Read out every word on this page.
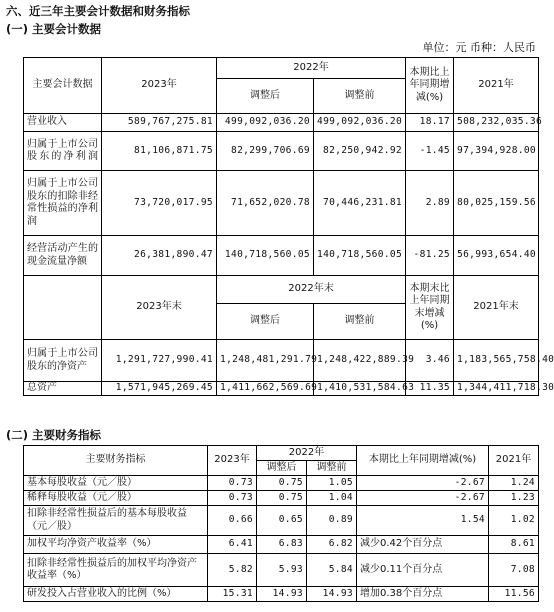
六、近三年主要会计数据和财务指标
(一) 主要会计数据
单位：元 币种：人民币
主要会计数据	2023年	2022年		本期比上年同期增减(%)	2021年
		调整后	调整前		
营业收入	589,767,275.81	499,092,036.20	499,092,036.20	18.17	508,232,035.36
归属于上市公司股东的净利润	81,106,871.75	82,299,706.69	82,250,942.92	-1.45	97,394,928.00
归属于上市公司股东的扣除非经常性损益的净利润	73,720,017.95	71,652,020.78	70,446,231.81	2.89	80,025,159.56
经营活动产生的现金流量净额	26,381,890.47	140,718,560.05	140,718,560.05	-81.25	56,993,654.40
	2023年末	2022年末		本期末比上年同期末增减(%)	2021年末
		调整后	调整前		
归属于上市公司股东的净资产	1,291,727,990.41	1,248,481,291.79	1,248,422,889.39	3.46	1,183,565,758.40
总资产	1,571,945,269.45	1,411,662,569.69	1,410,531,584.63	11.35	1,344,411,718.30
(二) 主要财务指标
主要财务指标	2023年	2022年		本期比上年同期增减(%)	2021年
		调整后	调整前		
基本每股收益（元／股）	0.73	0.75	1.05	-2.67	1.24
稀释每股收益（元／股）	0.73	0.75	1.04	-2.67	1.23
扣除非经常性损益后的基本每股收益（元／股）	0.66	0.65	0.89	1.54	1.02
加权平均净资产收益率（%）	6.41	6.83	6.82	减少0.42个百分点	8.61
扣除非经常性损益后的加权平均净资产收益率（%）	5.82	5.93	5.84	减少0.11个百分点	7.08
研发投入占营业收入的比例（%）	15.31	14.93	14.93	增加0.38个百分点	11.56
